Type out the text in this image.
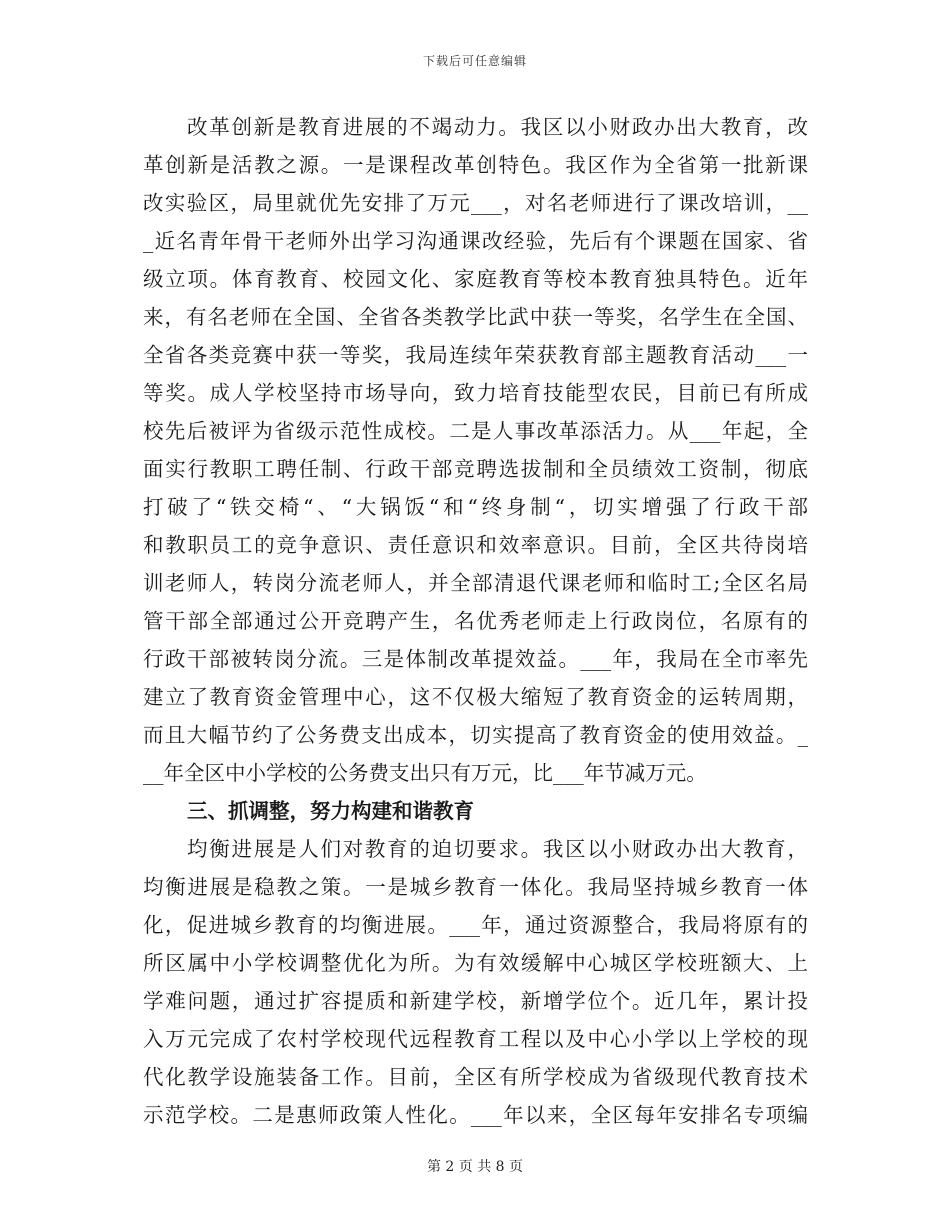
下载后可任意编辑
改革创新是教育进展的不竭动力。我区以小财政办出大教育，改
革创新是活教之源。一是课程改革创特色。我区作为全省第一批新课
改实验区，局里就优先安排了万元___，对名老师进行了课改培训，__
_近名青年骨干老师外出学习沟通课改经验，先后有个课题在国家、省
级立项。体育教育、校园文化、家庭教育等校本教育独具特色。近年
来，有名老师在全国、全省各类教学比武中获一等奖，名学生在全国、
全省各类竞赛中获一等奖，我局连续年荣获教育部主题教育活动___一
等奖。成人学校坚持市场导向，致力培育技能型农民，目前已有所成
校先后被评为省级示范性成校。二是人事改革添活力。从___年起，全
面实行教职工聘任制、行政干部竞聘选拔制和全员绩效工资制，彻底
打破了“铁交椅“、“大锅饭“和“终身制“，切实增强了行政干部
和教职员工的竞争意识、责任意识和效率意识。目前，全区共待岗培
训老师人，转岗分流老师人，并全部清退代课老师和临时工;全区名局
管干部全部通过公开竞聘产生，名优秀老师走上行政岗位，名原有的
行政干部被转岗分流。三是体制改革提效益。___年，我局在全市率先
建立了教育资金管理中心，这不仅极大缩短了教育资金的运转周期，
而且大幅节约了公务费支出成本，切实提高了教育资金的使用效益。_
__年全区中小学校的公务费支出只有万元，比___年节减万元。
三、抓调整，努力构建和谐教育
均衡进展是人们对教育的迫切要求。我区以小财政办出大教育，
均衡进展是稳教之策。一是城乡教育一体化。我局坚持城乡教育一体
化，促进城乡教育的均衡进展。___年，通过资源整合，我局将原有的
所区属中小学校调整优化为所。为有效缓解中心城区学校班额大、上
学难问题，通过扩容提质和新建学校，新增学位个。近几年，累计投
入万元完成了农村学校现代远程教育工程以及中心小学以上学校的现
代化教学设施装备工作。目前，全区有所学校成为省级现代教育技术
示范学校。二是惠师政策人性化。___年以来，全区每年安排名专项编
第 2 页 共 8 页
